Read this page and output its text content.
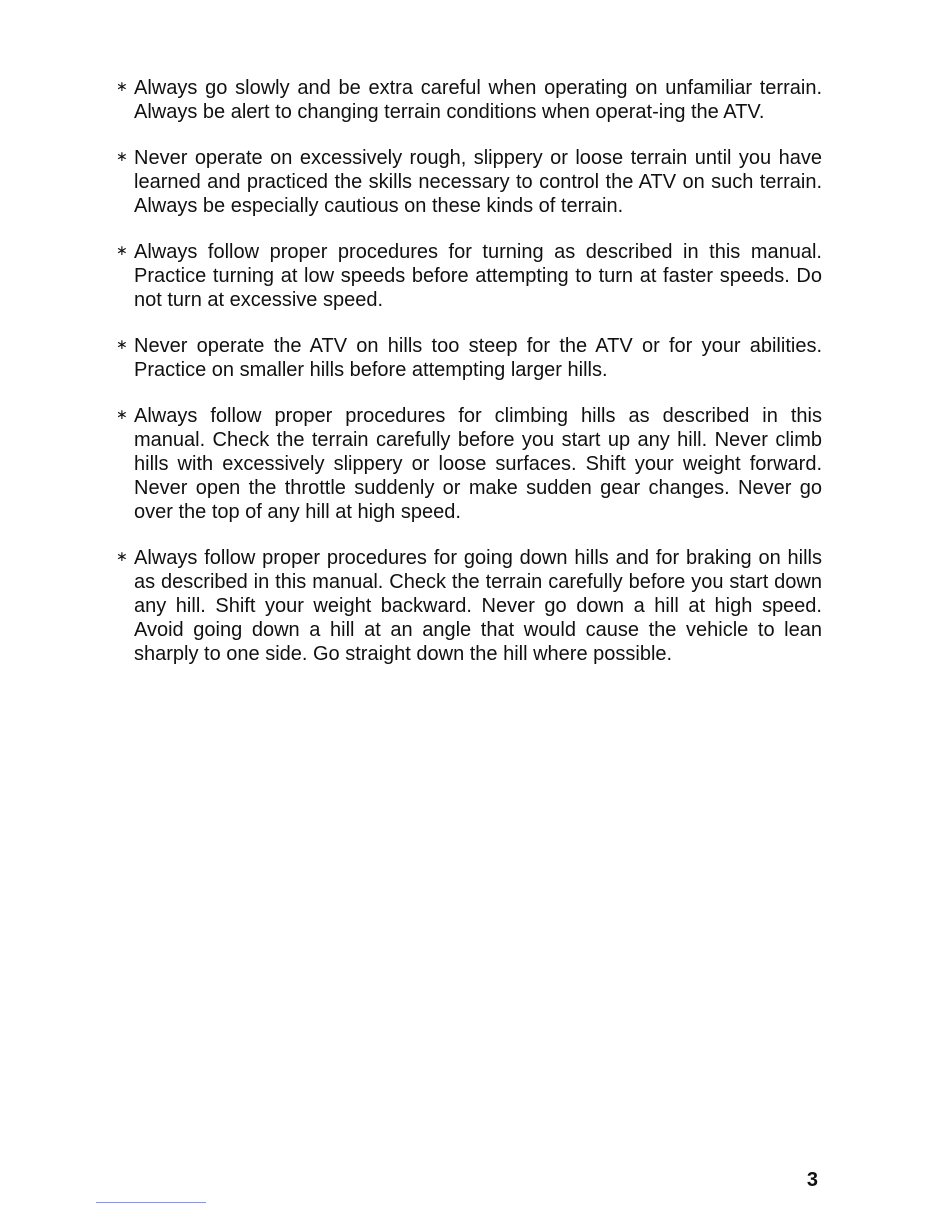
∗ Always go slowly and be extra careful when operating on unfamiliar terrain. Always be alert to changing terrain conditions when operat-ing the ATV.
∗ Never operate on excessively rough, slippery or loose terrain until you have learned and practiced the skills necessary to control the ATV on such terrain. Always be especially cautious on these kinds of terrain.
∗ Always follow proper procedures for turning as described in this manual. Practice turning at low speeds before attempting to turn at faster speeds. Do not turn at excessive speed.
∗ Never operate the ATV on hills too steep for the ATV or for your abilities. Practice on smaller hills before attempting larger hills.
∗ Always follow proper procedures for climbing hills as described in this manual. Check the terrain carefully before you start up any hill. Never climb hills with excessively slippery or loose surfaces. Shift your weight forward. Never open the throttle suddenly or make sudden gear changes. Never go over the top of any hill at high speed.
∗ Always follow proper procedures for going down hills and for braking on hills as described in this manual. Check the terrain carefully before you start down any hill. Shift your weight backward. Never go down a hill at high speed. Avoid going down a hill at an angle that would cause the vehicle to lean sharply to one side. Go straight down the hill where possible.
3
